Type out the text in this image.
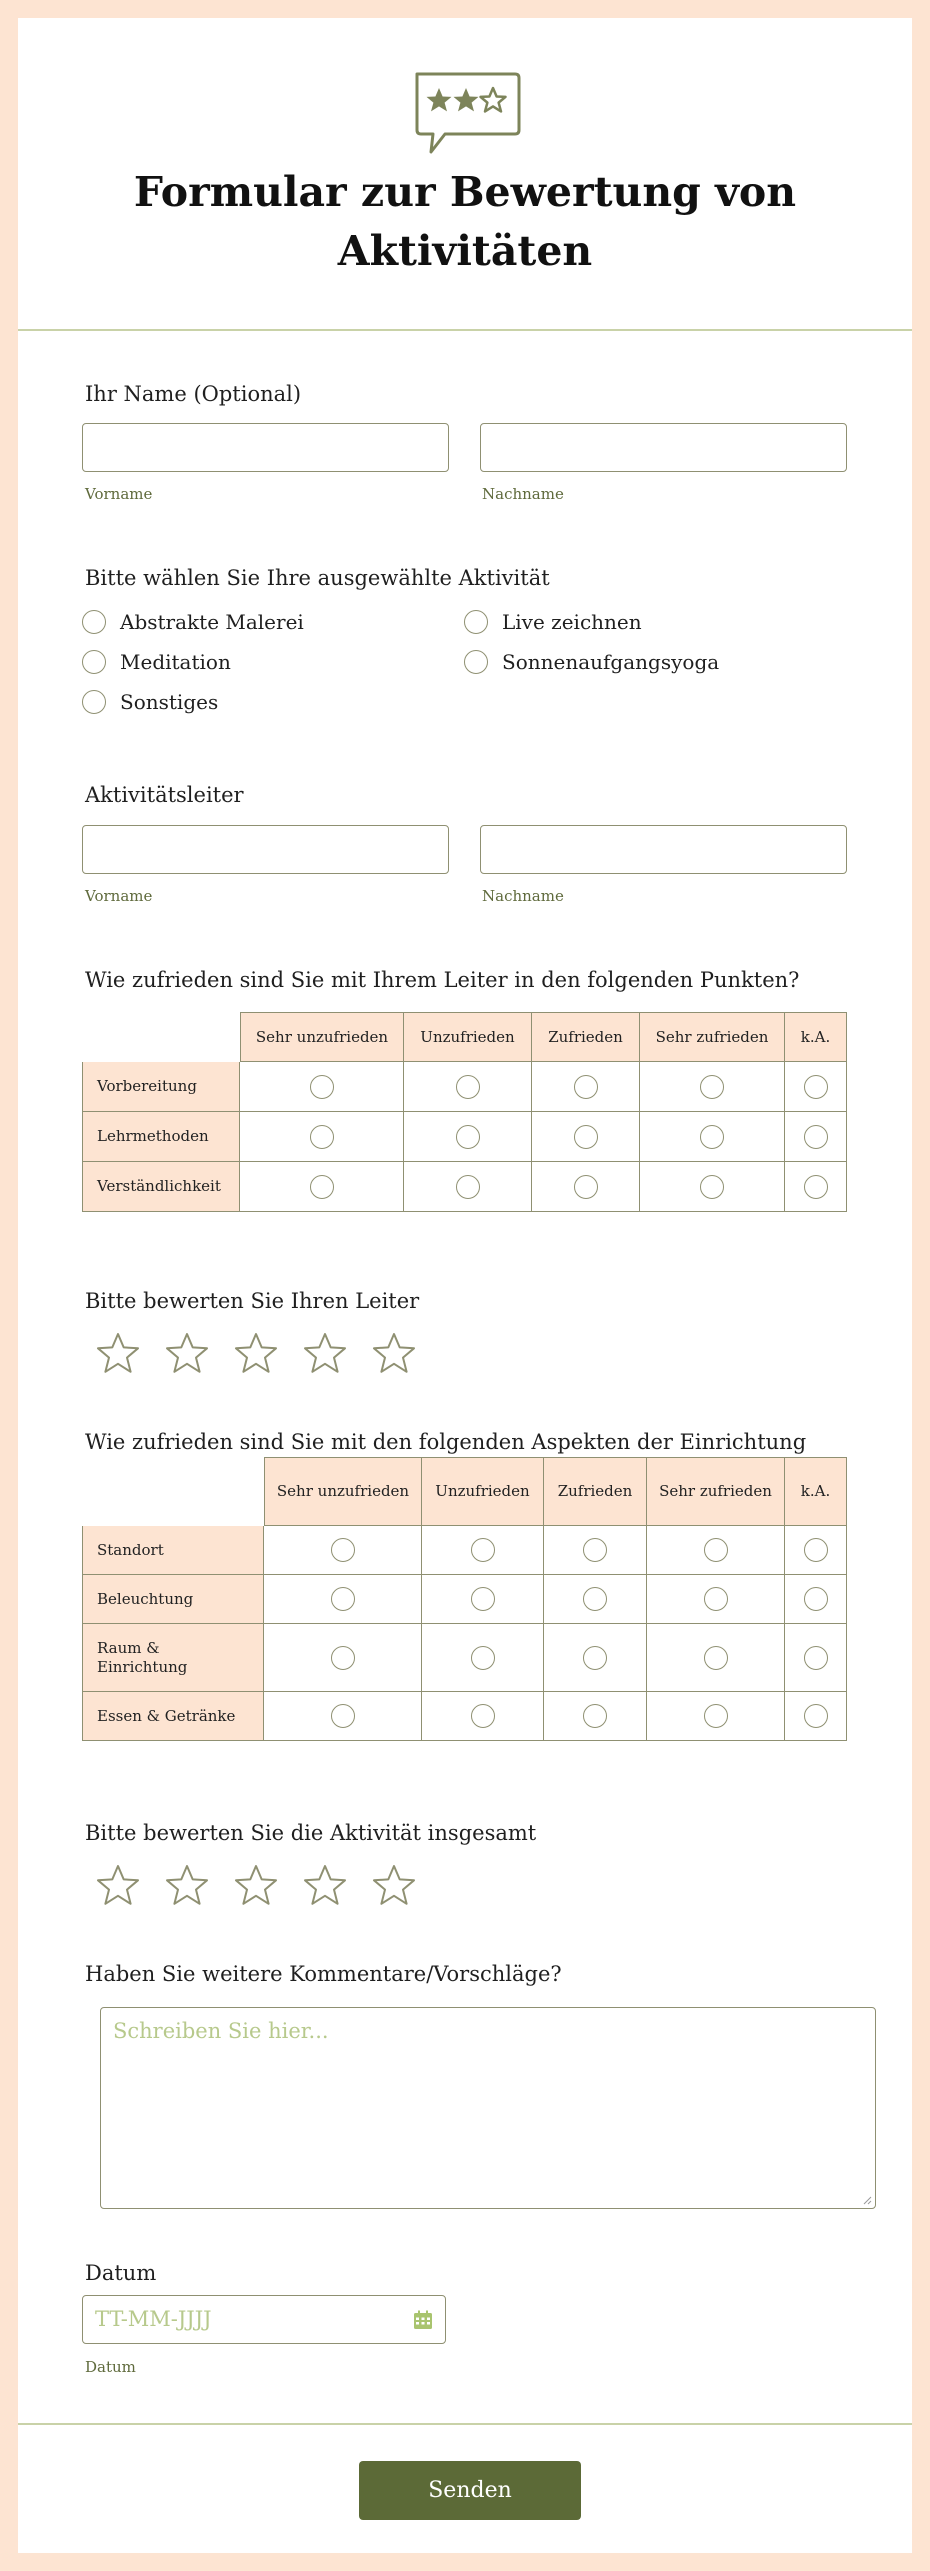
Formular zur Bewertung von Aktivitäten
Ihr Name (Optional)
Vorname	Nachname
Bitte wählen Sie Ihre ausgewählte Aktivität
Abstrakte Malerei	Live zeichnen
Meditation	Sonnenaufgangsyoga
Sonstiges
Aktivitätsleiter
Vorname	Nachname
Wie zufrieden sind Sie mit Ihrem Leiter in den folgenden Punkten?
	Sehr unzufrieden	Unzufrieden	Zufrieden	Sehr zufrieden	k.A.
Vorbereitung					
Lehrmethoden					
Verständlichkeit					
Bitte bewerten Sie Ihren Leiter
Wie zufrieden sind Sie mit den folgenden Aspekten der Einrichtung
	Sehr unzufrieden	Unzufrieden	Zufrieden	Sehr zufrieden	k.A.
Standort					
Beleuchtung					
Raum & Einrichtung					
Essen & Getränke					
Bitte bewerten Sie die Aktivität insgesamt
Haben Sie weitere Kommentare/Vorschläge?
Schreiben Sie hier...
Datum
TT-MM-JJJJ
Datum
Senden
